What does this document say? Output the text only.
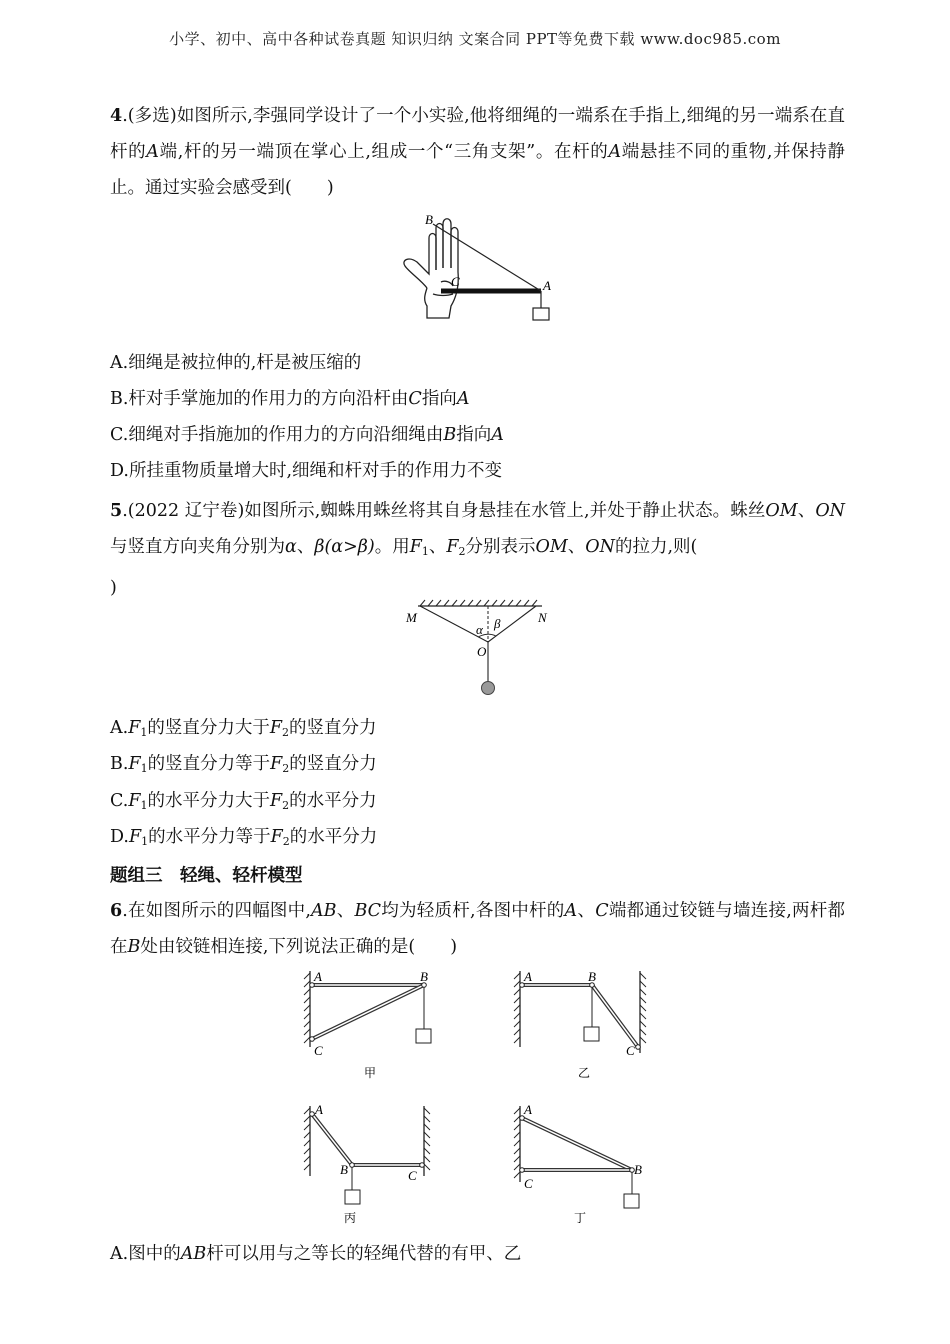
小学、初中、高中各种试卷真题 知识归纳 文案合同 PPT等免费下载 www.doc985.com
4.(多选)如图所示,李强同学设计了一个小实验,他将细绳的一端系在手指上,细绳的另一端系在直杆的A端,杆的另一端顶在掌心上,组成一个“三角支架”。在杆的A端悬挂不同的重物,并保持静止。通过实验会感受到(　　)
B
C	A
A.细绳是被拉伸的,杆是被压缩的
B.杆对手掌施加的作用力的方向沿杆由C指向A
C.细绳对手指施加的作用力的方向沿细绳由B指向A
D.所挂重物质量增大时,细绳和杆对手的作用力不变
5.(2022 辽宁卷)如图所示,蜘蛛用蛛丝将其自身悬挂在水管上,并处于静止状态。蛛丝OM、ON与竖直方向夹角分别为α、β(α>β)。用$F_1$、$F_2$分别表示OM、ON的拉力,则(
)
M	N
O
α β
$A.F_1$的竖直分力大于$F_2$的竖直分力
$B.F_1$的竖直分力等于$F_2$的竖直分力
$C.F_1$的水平分力大于$F_2$的水平分力
$D.F_1$的水平分力等于$F_2$的水平分力
题组三　轻绳、轻杆模型
6.在如图所示的四幅图中,AB、BC均为轻质杆,各图中杆的A、C端都通过铰链与墙连接,两杆都在B处由铰链相连接,下列说法正确的是(　　)
A	B
C
甲
A	B
C
乙
A
B	C
丙
A
B
C
丁
A.图中的AB杆可以用与之等长的轻绳代替的有甲、乙
